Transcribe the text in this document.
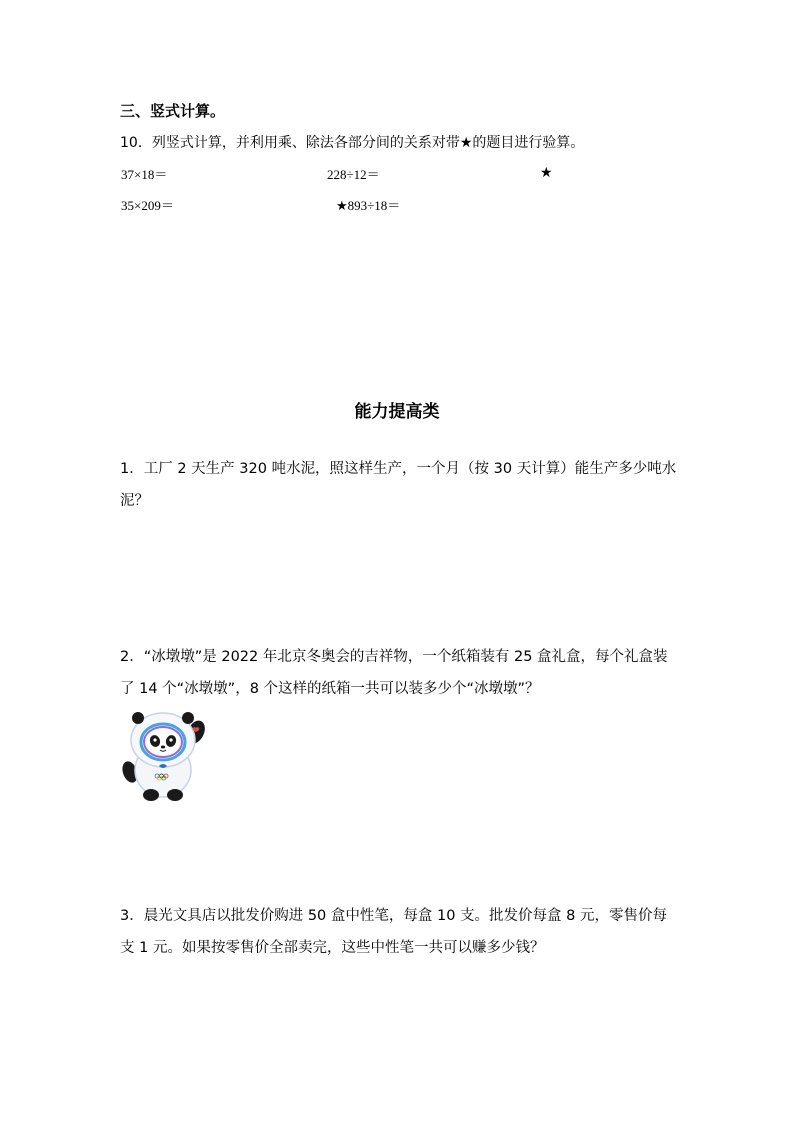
三、竖式计算。
10．列竖式计算，并利用乘、除法各部分间的关系对带★的题目进行验算。
37×18＝	228÷12＝	★
35×209＝	★893÷18＝
能力提高类
1．工厂 2 天生产 320 吨水泥，照这样生产，一个月（按 30 天计算）能生产多少吨水泥？
2．“冰墩墩”是 2022 年北京冬奥会的吉祥物，一个纸箱装有 25 盒礼盒，每个礼盒装了 14 个“冰墩墩”，8 个这样的纸箱一共可以装多少个“冰墩墩”？
3．晨光文具店以批发价购进 50 盒中性笔，每盒 10 支。批发价每盒 8 元，零售价每支 1 元。如果按零售价全部卖完，这些中性笔一共可以赚多少钱？
